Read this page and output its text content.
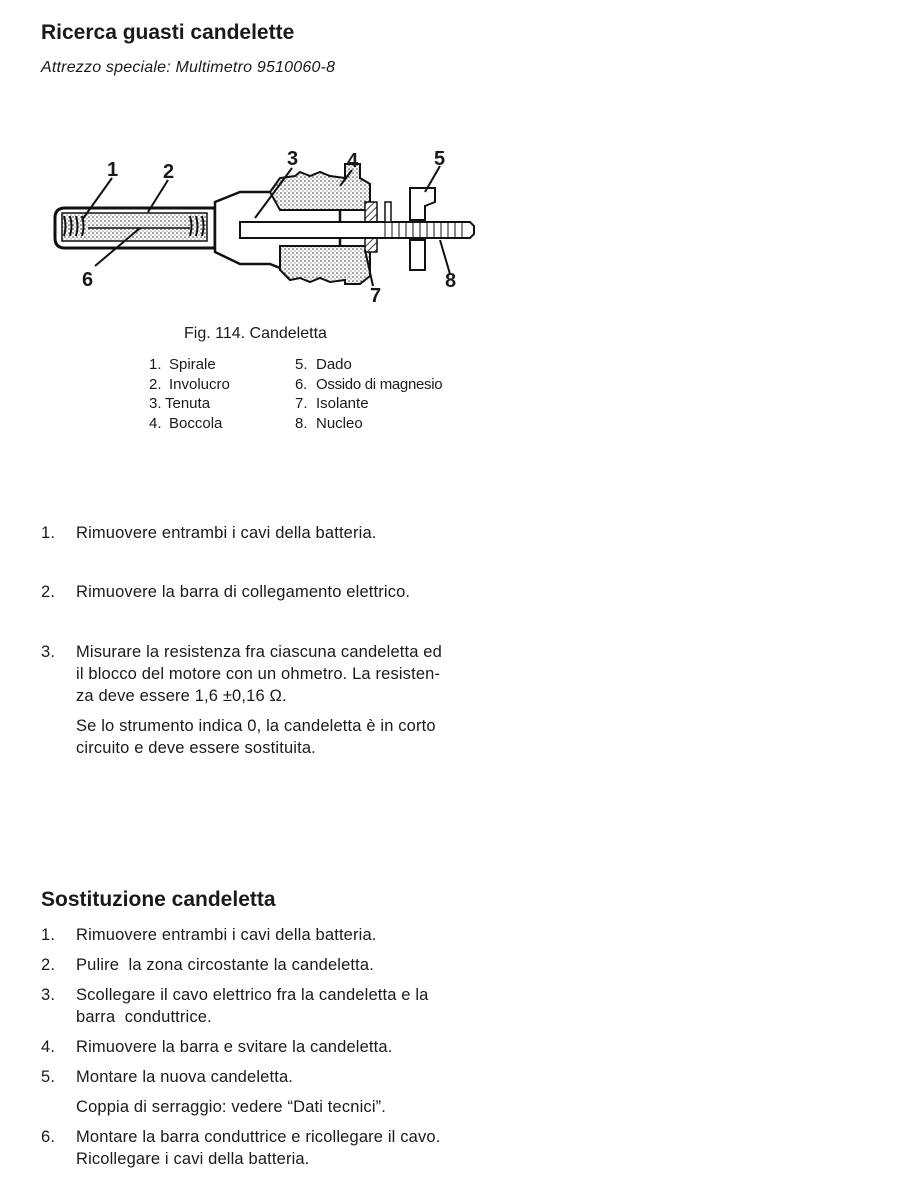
Ricerca guasti candelette
Attrezzo speciale: Multimetro 9510060-8
1 2
3 4	5
6
7
8
Fig. 114. Candeletta
1. Spirale
2. Involucro
3. Tenuta
4. Boccola
5. Dado
6. Ossido di magnesio
7. Isolante
8. Nucleo
1. Rimuovere entrambi i cavi della batteria.
2. Rimuovere la barra di collegamento elettrico.
3. Misurare la resistenza fra ciascuna candeletta ed
il blocco del motore con un ohmetro. La resisten-
za deve essere 1,6 ±0,16 Ω.
Se lo strumento indica 0, la candeletta è in corto
circuito e deve essere sostituita.
Sostituzione candeletta
1. Rimuovere entrambi i cavi della batteria.
2. Pulire  la zona circostante la candeletta.
3. Scollegare il cavo elettrico fra la candeletta e la
barra  conduttrice.
4. Rimuovere la barra e svitare la candeletta.
5. Montare la nuova candeletta.
Coppia di serraggio: vedere “Dati tecnici”.
6. Montare la barra conduttrice e ricollegare il cavo.
Ricollegare i cavi della batteria.
